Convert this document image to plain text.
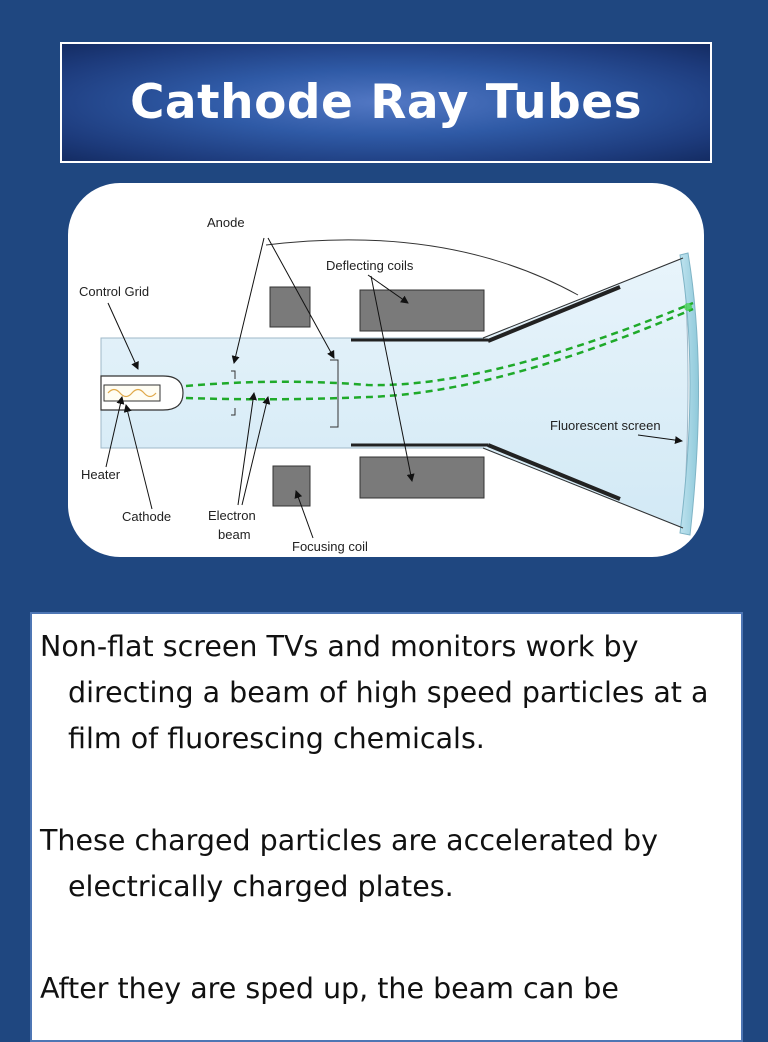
Cathode Ray Tubes
Anode
Deflecting coils
Control Grid
Fluorescent screen
Heater
Cathode	Electron
beam
Focusing coil

Non-flat screen TVs and monitors work by directing a beam of high speed particles at a film of fluorescing chemicals.

These charged particles are accelerated by electrically charged plates.

After they are sped up, the beam can be
